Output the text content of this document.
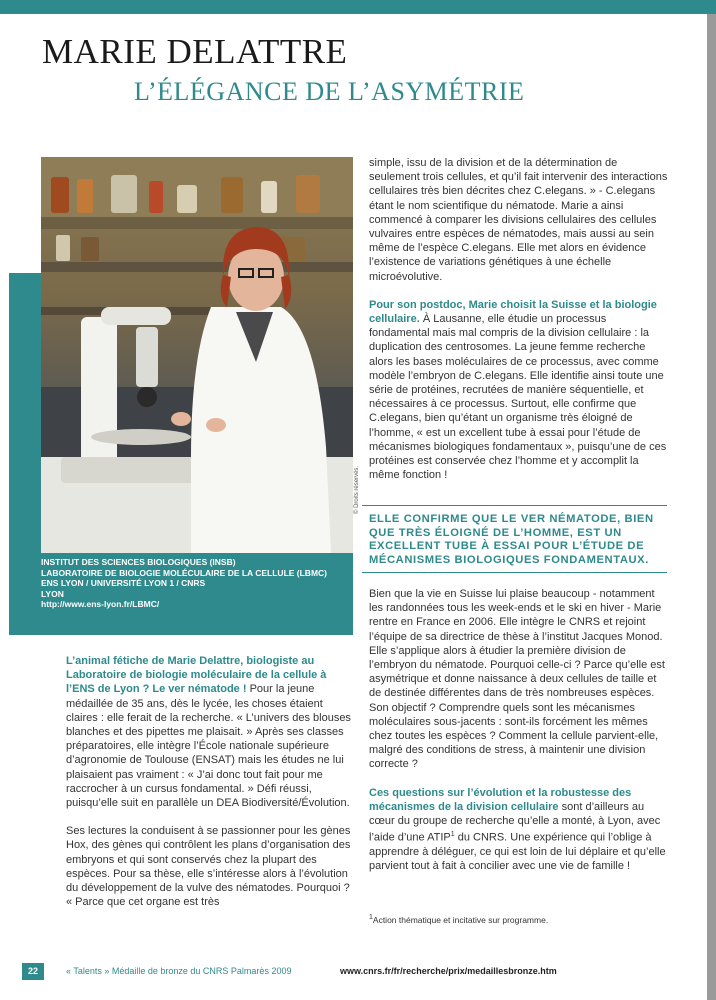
MARIE DELATTRE
L’ÉLÉGANCE DE L’ASYMÉTRIE
© Droits réservés.
INSTITUT DES SCIENCES BIOLOGIQUES (INSB)
LABORATOIRE DE BIOLOGIE MOLÉCULAIRE DE LA CELLULE (LBMC)
ENS LYON / UNIVERSITÉ LYON 1 / CNRS
LYON
http://www.ens-lyon.fr/LBMC/

L’animal fétiche de Marie Delattre, biologiste au Laboratoire de biologie moléculaire de la cellule à l’ENS de Lyon ? Le ver nématode ! Pour la jeune médaillée de 35 ans, dès le lycée, les choses étaient claires : elle ferait de la recherche. « L’univers des blouses blanches et des pipettes me plaisait. » Après ses classes préparatoires, elle intègre l’École nationale supérieure d’agronomie de Toulouse (ENSAT) mais les études ne lui plaisaient pas vraiment : « J’ai donc tout fait pour me raccrocher à un cursus fondamental. » Défi réussi, puisqu’elle suit en parallèle un DEA Biodiversité/Évolution.

Ses lectures la conduisent à se passionner pour les gènes Hox, des gènes qui contrôlent les plans d’organisation des embryons et qui sont conservés chez la plupart des espèces. Pour sa thèse, elle s’intéresse alors à l’évolution du développement de la vulve des nématodes. Pourquoi ? « Parce que cet organe est très

simple, issu de la division et de la détermination de seulement trois cellules, et qu’il fait intervenir des interactions cellulaires très bien décrites chez C.elegans. » - C.elegans étant le nom scientifique du nématode. Marie a ainsi commencé à comparer les divisions cellulaires des cellules vulvaires entre espèces de nématodes, mais aussi au sein même de l’espèce C.elegans. Elle met alors en évidence l’existence de variations génétiques à une échelle microévolutive.

Pour son postdoc, Marie choisit la Suisse et la biologie cellulaire. À Lausanne, elle étudie un processus fondamental mais mal compris de la division cellulaire : la duplication des centrosomes. La jeune femme recherche alors les bases moléculaires de ce processus, avec comme modèle l’embryon de C.elegans. Elle identifie ainsi toute une série de protéines, recrutées de manière séquentielle, et nécessaires à ce processus. Surtout, elle confirme que C.elegans, bien qu’étant un organisme très éloigné de l’homme, « est un excellent tube à essai pour l’étude de mécanismes biologiques fondamentaux », puisqu’une de ces protéines est conservée chez l’homme et y accomplit la même fonction !

ELLE CONFIRME QUE LE VER NÉMATODE, BIEN QUE TRÈS ÉLOIGNÉ DE L’HOMME, EST UN EXCELLENT TUBE À ESSAI POUR L’ÉTUDE DE MÉCANISMES BIOLOGIQUES FONDAMENTAUX.

Bien que la vie en Suisse lui plaise beaucoup - notamment les randonnées tous les week-ends et le ski en hiver - Marie rentre en France en 2006. Elle intègre le CNRS et rejoint l’équipe de sa directrice de thèse à l’institut Jacques Monod. Elle s’applique alors à étudier la première division de l’embryon du nématode. Pourquoi celle-ci ? Parce qu’elle est asymétrique et donne naissance à deux cellules de taille et de destinée différentes dans de très nombreuses espèces. Son objectif ? Comprendre quels sont les mécanismes moléculaires sous-jacents : sont-ils forcément les mêmes chez toutes les espèces ? Comment la cellule parvient-elle, malgré des conditions de stress, à maintenir une division correcte ?

Ces questions sur l’évolution et la robustesse des mécanismes de la division cellulaire sont d’ailleurs au cœur du groupe de recherche qu’elle a monté, à Lyon, avec l’aide d’une ATIP$^1$ du CNRS. Une expérience qui l’oblige à apprendre à déléguer, ce qui est loin de lui déplaire et qu’elle parvient tout à fait à concilier avec une vie de famille !

$^1$Action thématique et incitative sur programme.
22	« Talents » Médaille de bronze du CNRS Palmarès 2009	www.cnrs.fr/fr/recherche/prix/medaillesbronze.htm
